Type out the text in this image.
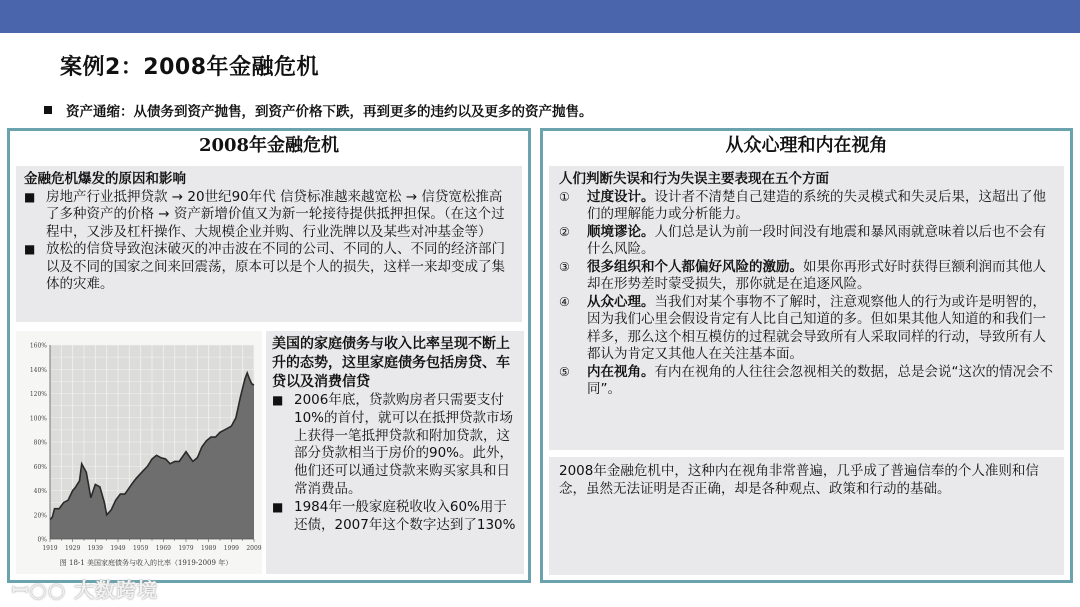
案例2：2008年金融危机
资产通缩：从债务到资产抛售，到资产价格下跌，再到更多的违约以及更多的资产抛售。
2008年金融危机
金融危机爆发的原因和影响
■ 房地产行业抵押贷款 → 20世纪90年代 信贷标准越来越宽松 → 信贷宽松推高了多种资产的价格 → 资产新增价值又为新一轮接待提供抵押担保。（在这个过程中，又涉及杠杆操作、大规模企业并购、行业洗牌以及某些对冲基金等）
■ 放松的信贷导致泡沫破灭的冲击波在不同的公司、不同的人、不同的经济部门以及不同的国家之间来回震荡，原本可以是个人的损失，这样一来却变成了集体的灾难。
0%
20%
40%
60%
80%
100%
120%
140%
160%
1919 1929 1939 1949 1959 1969 1979 1989 1999 2009
图 18-1 美国家庭债务与收入的比率（1919-2009 年）
美国的家庭债务与收入比率呈现不断上升的态势，这里家庭债务包括房贷、车贷以及消费信贷
■ 2006年底，贷款购房者只需要支付10%的首付，就可以在抵押贷款市场上获得一笔抵押贷款和附加贷款，这部分贷款相当于房价的90%。此外，他们还可以通过贷款来购买家具和日常消费品。
■ 1984年一般家庭税收收入60%用于还债，2007年这个数字达到了130%
从众心理和内在视角
人们判断失误和行为失误主要表现在五个方面
①	过度设计。设计者不清楚自己建造的系统的失灵模式和失灵后果，这超出了他们的理解能力或分析能力。
②	顺境谬论。人们总是认为前一段时间没有地震和暴风雨就意味着以后也不会有什么风险。
③	很多组织和个人都偏好风险的激励。如果你再形式好时获得巨额利润而其他人却在形势差时蒙受损失，那你就是在追逐风险。
④	从众心理。当我们对某个事物不了解时，注意观察他人的行为或许是明智的，因为我们心里会假设肯定有人比自己知道的多。但如果其他人知道的和我们一样多，那么这个相互模仿的过程就会导致所有人采取同样的行动，导致所有人都认为肯定又其他人在关注基本面。
⑤	内在视角。有内在视角的人往往会忽视相关的数据，总是会说“这次的情况会不同”。
2008年金融危机中，这种内在视角非常普遍，几乎成了普遍信奉的个人准则和信念，虽然无法证明是否正确，却是各种观点、政策和行动的基础。
ꟷ○○ 大数跨境
